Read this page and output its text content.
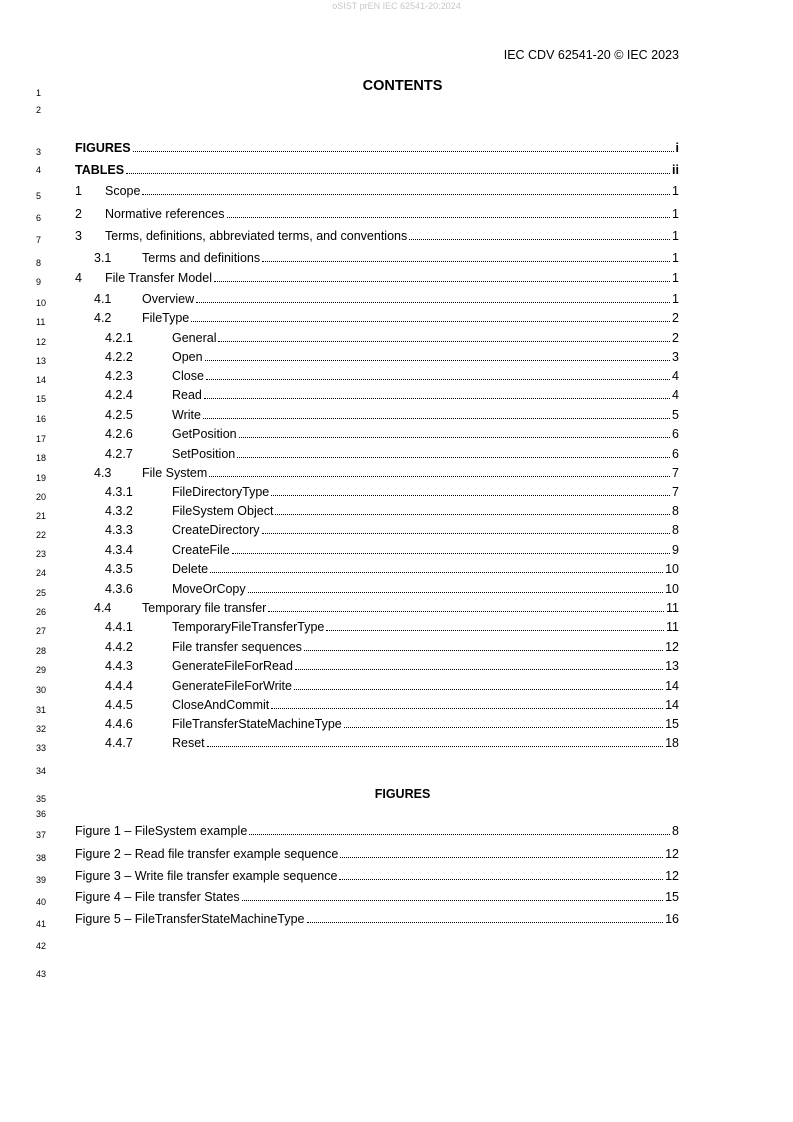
oSIST prEN IEC 62541-20:2024
IEC CDV 62541-20 © IEC 2023
1
2
3
4
5
6
7
8
9
10
11
12
13
14
15
16
17
18
19
20
21
22
23
24
25
26
27
28
29
30
31
32
33
34
35
36
37
38
39
40
41
42
43
CONTENTS
FIGURES	i
TABLES	ii
1	Scope	1
2	Normative references	1
3	Terms, definitions, abbreviated terms, and conventions	1
3.1	Terms and definitions	1
4	File Transfer Model	1
4.1	Overview	1
4.2	FileType	2
4.2.1	General	2
4.2.2	Open	3
4.2.3	Close	4
4.2.4	Read	4
4.2.5	Write	5
4.2.6	GetPosition	6
4.2.7	SetPosition	6
4.3	File System	7
4.3.1	FileDirectoryType	7
4.3.2	FileSystem Object	8
4.3.3	CreateDirectory	8
4.3.4	CreateFile	9
4.3.5	Delete	10
4.3.6	MoveOrCopy	10
4.4	Temporary file transfer	11
4.4.1	TemporaryFileTransferType	11
4.4.2	File transfer sequences	12
4.4.3	GenerateFileForRead	13
4.4.4	GenerateFileForWrite	14
4.4.5	CloseAndCommit	14
4.4.6	FileTransferStateMachineType	15
4.4.7	Reset	18
FIGURES
Figure 1 – FileSystem example	8
Figure 2 – Read file transfer example sequence	12
Figure 3 – Write file transfer example sequence	12
Figure 4 – File transfer States	15
Figure 5 – FileTransferStateMachineType	16
